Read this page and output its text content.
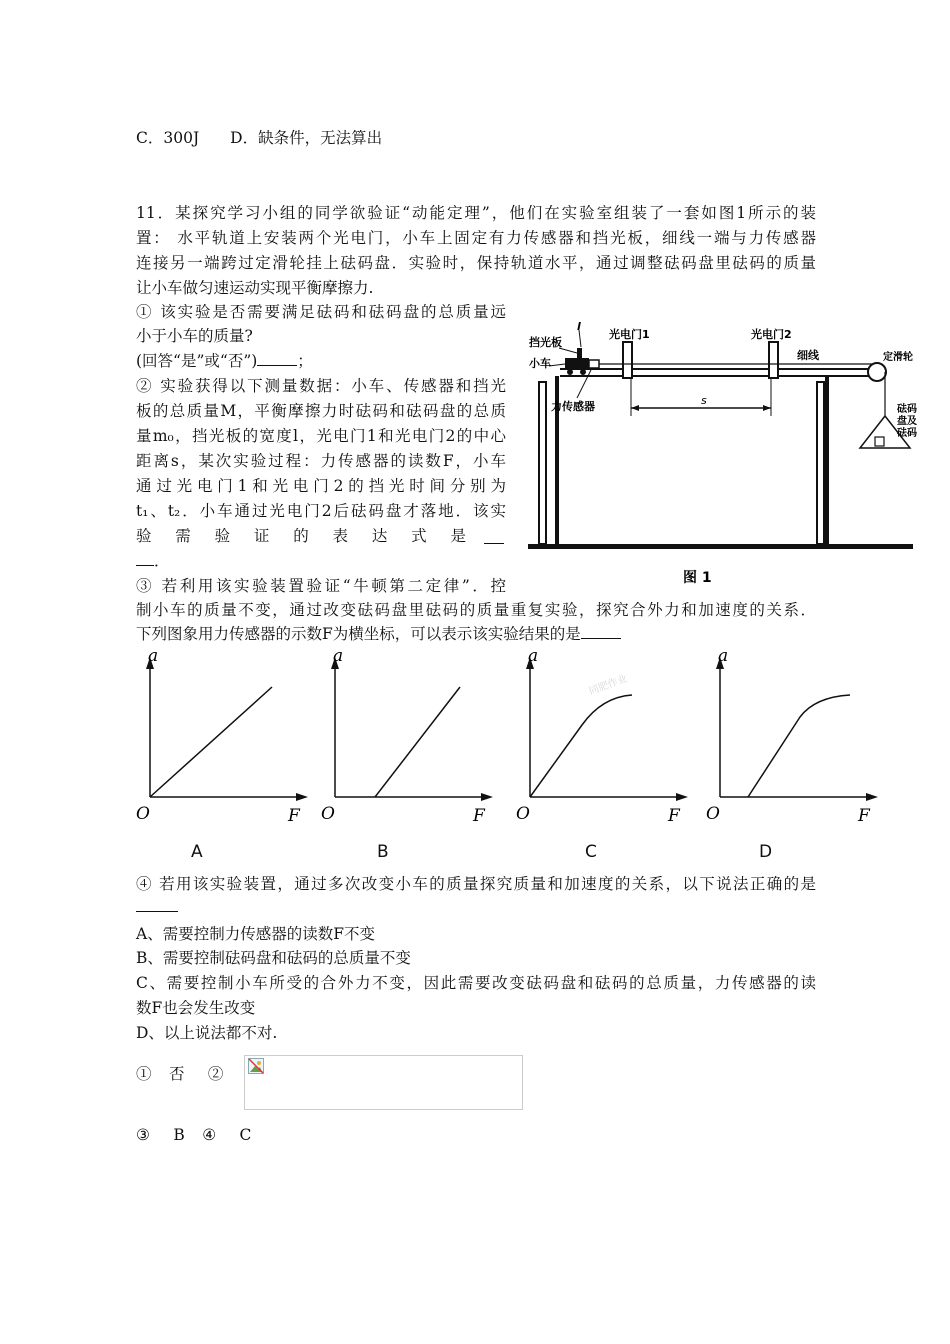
C．300J　　D．缺条件，无法算出
11．某探究学习小组的同学欲验证“动能定理”，他们在实验室组装了一套如图1所示的装
置： 水平轨道上安装两个光电门，小车上固定有力传感器和挡光板，细线一端与力传感器
连接另一端跨过定滑轮挂上砝码盘．实验时，保持轨道水平，通过调整砝码盘里砝码的质量
让小车做匀速运动实现平衡摩擦力.
① 该实验是否需要满足砝码和砝码盘的总质量远
小于小车的质量?
(回答“是”或“否”)	；
② 实验获得以下测量数据：小车、传感器和挡光
板的总质量M，平衡摩擦力时砝码和砝码盘的总质
量m₀，挡光板的宽度l，光电门1和光电门2的中心
距离s，某次实验过程：力传感器的读数F，小车
通过光电门1和光电门2的挡光时间分别为
t₁、t₂．小车通过光电门2后砝码盘才落地．该实
验　需　验　证　的　表　达　式　是
．
③ 若利用该实验装置验证“牛顿第二定律”．控
制小车的质量不变，通过改变砝码盘里砝码的质量重复实验，探究合外力和加速度的关系．
下列图象用力传感器的示数F为横坐标，可以表示该实验结果的是
挡光板
l
光电门1	光电门2
小车
细线	定滑轮
力传感器	s
砝码
盘及
砝码
图 1
a
F
O
a
F
O
a
F
O
同肥作业
a
F
O
A	B	C	D
④ 若用该实验装置，通过多次改变小车的质量探究质量和加速度的关系，以下说法正确的是
A、需要控制力传感器的读数F不变
B、需要控制砝码盘和砝码的总质量不变
C、需要控制小车所受的合外力不变，因此需要改变砝码盘和砝码的总质量，力传感器的读
数F也会发生改变
D、以上说法都不对.
①　否　 ②
③　 B　④　 C
